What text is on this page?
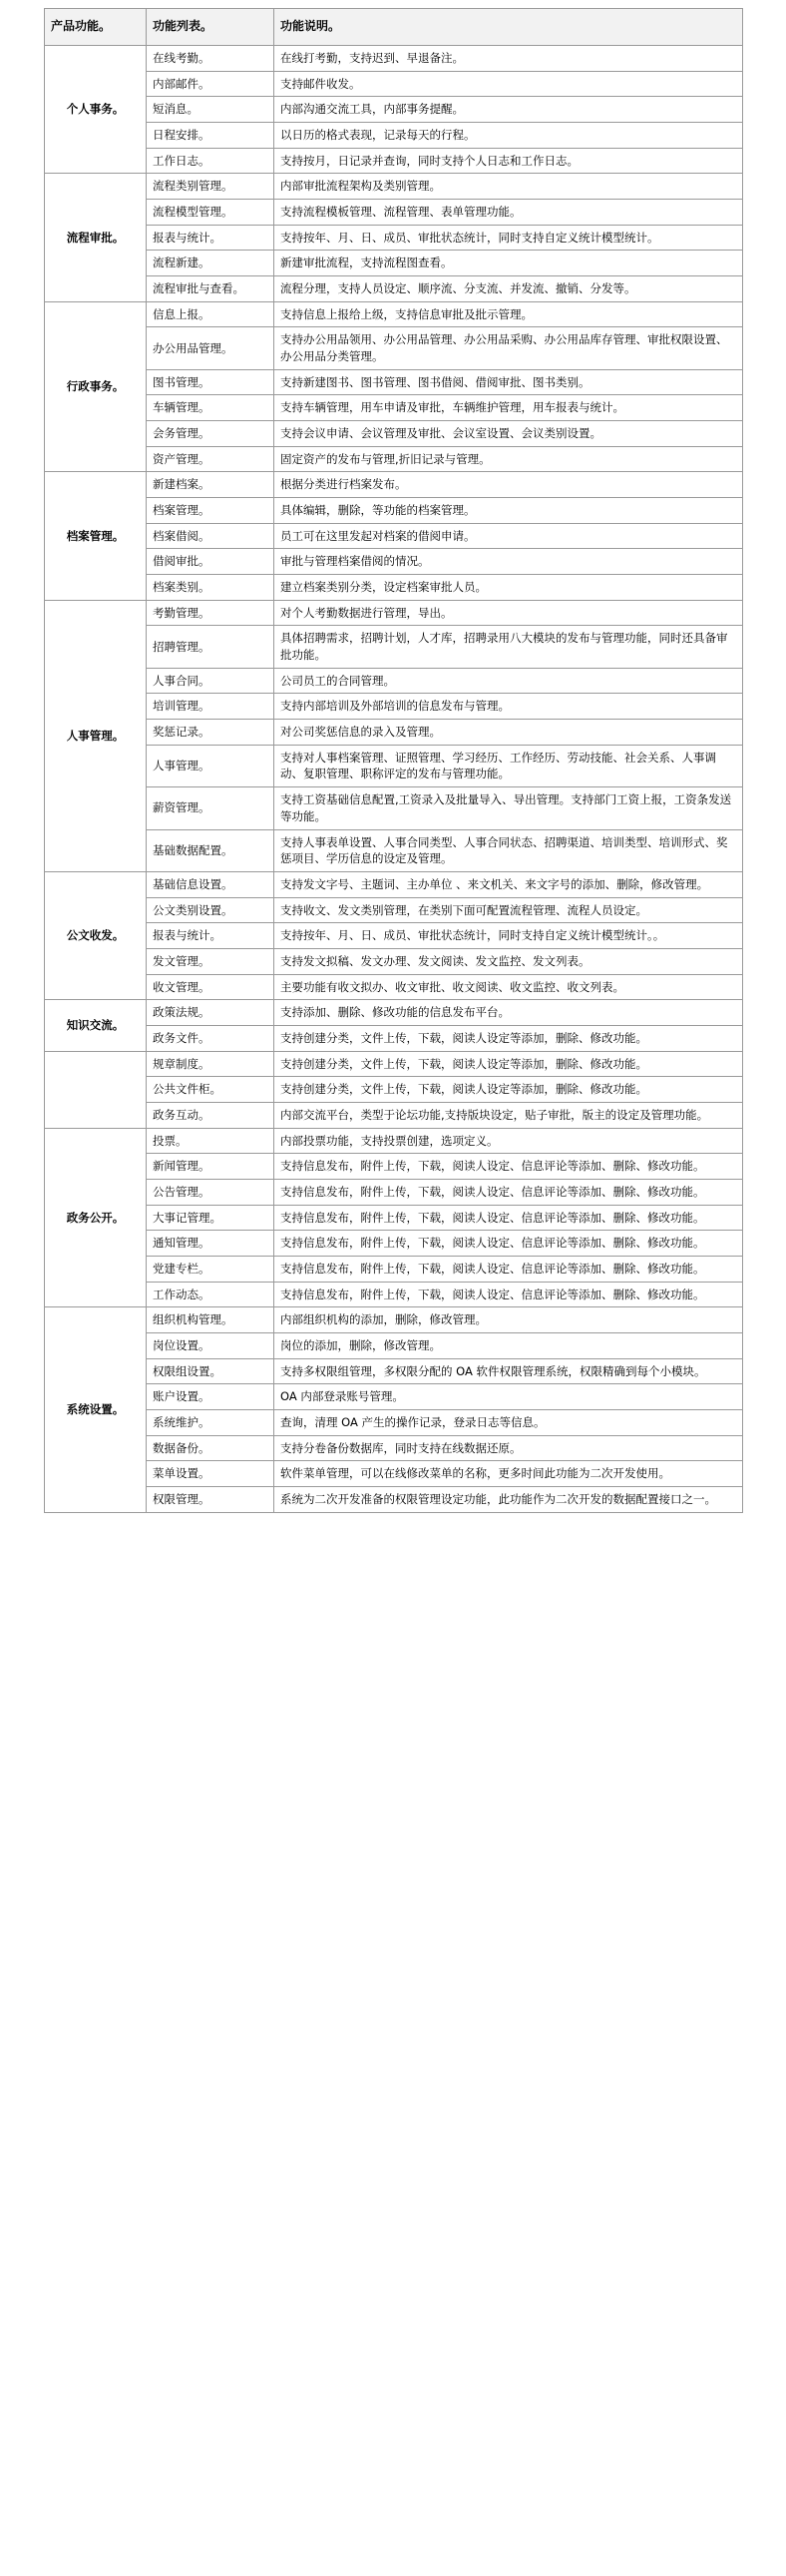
产品功能。	功能列表。	功能说明。
个人事务。	在线考勤。	在线打考勤，支持迟到、早退备注。
	内部邮件。	支持邮件收发。
	短消息。	内部沟通交流工具，内部事务提醒。
	日程安排。	以日历的格式表现，记录每天的行程。
	工作日志。	支持按月，日记录并查询，同时支持个人日志和工作日志。
流程审批。	流程类别管理。	内部审批流程架构及类别管理。
	流程模型管理。	支持流程模板管理、流程管理、表单管理功能。
	报表与统计。	支持按年、月、日、成员、审批状态统计，同时支持自定义统计模型统计。
	流程新建。	新建审批流程，支持流程图查看。
	流程审批与查看。	流程分理，支持人员设定、顺序流、分支流、并发流、撤销、分发等。
行政事务。	信息上报。	支持信息上报给上级，支持信息审批及批示管理。
	办公用品管理。	支持办公用品领用、办公用品管理、办公用品采购、办公用品库存管理、审批权限设置、办公用品分类管理。
	图书管理。	支持新建图书、图书管理、图书借阅、借阅审批、图书类别。
	车辆管理。	支持车辆管理，用车申请及审批，车辆维护管理，用车报表与统计。
	会务管理。	支持会议申请、会议管理及审批、会议室设置、会议类别设置。
	资产管理。	固定资产的发布与管理,折旧记录与管理。
档案管理。	新建档案。	根据分类进行档案发布。
	档案管理。	具体编辑，删除，等功能的档案管理。
	档案借阅。	员工可在这里发起对档案的借阅申请。
	借阅审批。	审批与管理档案借阅的情况。
	档案类别。	建立档案类别分类，设定档案审批人员。
人事管理。	考勤管理。	对个人考勤数据进行管理，导出。
	招聘管理。	具体招聘需求，招聘计划，人才库，招聘录用八大模块的发布与管理功能，同时还具备审批功能。
	人事合同。	公司员工的合同管理。
	培训管理。	支持内部培训及外部培训的信息发布与管理。
	奖惩记录。	对公司奖惩信息的录入及管理。
	人事管理。	支持对人事档案管理、证照管理、学习经历、工作经历、劳动技能、社会关系、人事调动、复职管理、职称评定的发布与管理功能。
	薪资管理。	支持工资基础信息配置,工资录入及批量导入、导出管理。支持部门工资上报，工资条发送等功能。
	基础数据配置。	支持人事表单设置、人事合同类型、人事合同状态、招聘渠道、培训类型、培训形式、奖惩项目、学历信息的设定及管理。
公文收发。	基础信息设置。	支持发文字号、主题词、主办单位 、来文机关、来文字号的添加、删除，修改管理。
	公文类别设置。	支持收文、发文类别管理，在类别下面可配置流程管理、流程人员设定。
	报表与统计。	支持按年、月、日、成员、审批状态统计，同时支持自定义统计模型统计。。
	发文管理。	支持发文拟稿、发文办理、发文阅读、发文监控、发文列表。
	收文管理。	主要功能有收文拟办、收文审批、收文阅读、收文监控、收文列表。
知识交流。	政策法规。	支持添加、删除、修改功能的信息发布平台。
	政务文件。	支持创建分类，文件上传，下载，阅读人设定等添加，删除、修改功能。
	规章制度。	支持创建分类，文件上传，下载，阅读人设定等添加，删除、修改功能。
	公共文件柜。	支持创建分类，文件上传，下载，阅读人设定等添加，删除、修改功能。
	政务互动。	内部交流平台，类型于论坛功能,支持版块设定，贴子审批，版主的设定及管理功能。
政务公开。	投票。	内部投票功能，支持投票创建，选项定义。
	新闻管理。	支持信息发布，附件上传，下载，阅读人设定、信息评论等添加、删除、修改功能。
	公告管理。	支持信息发布，附件上传，下载，阅读人设定、信息评论等添加、删除、修改功能。
	大事记管理。	支持信息发布，附件上传，下载，阅读人设定、信息评论等添加、删除、修改功能。
	通知管理。	支持信息发布，附件上传，下载，阅读人设定、信息评论等添加、删除、修改功能。
	党建专栏。	支持信息发布，附件上传，下载，阅读人设定、信息评论等添加、删除、修改功能。
	工作动态。	支持信息发布，附件上传，下载，阅读人设定、信息评论等添加、删除、修改功能。
系统设置。	组织机构管理。	内部组织机构的添加，删除，修改管理。
	岗位设置。	岗位的添加，删除，修改管理。
	权限组设置。	支持多权限组管理，多权限分配的 OA 软件权限管理系统，权限精确到每个小模块。
	账户设置。	OA 内部登录账号管理。
	系统维护。	查询，清理 OA 产生的操作记录，登录日志等信息。
	数据备份。	支持分卷备份数据库，同时支持在线数据还原。
	菜单设置。	软件菜单管理，可以在线修改菜单的名称，更多时间此功能为二次开发使用。
	权限管理。	系统为二次开发准备的权限管理设定功能，此功能作为二次开发的数据配置接口之一。
